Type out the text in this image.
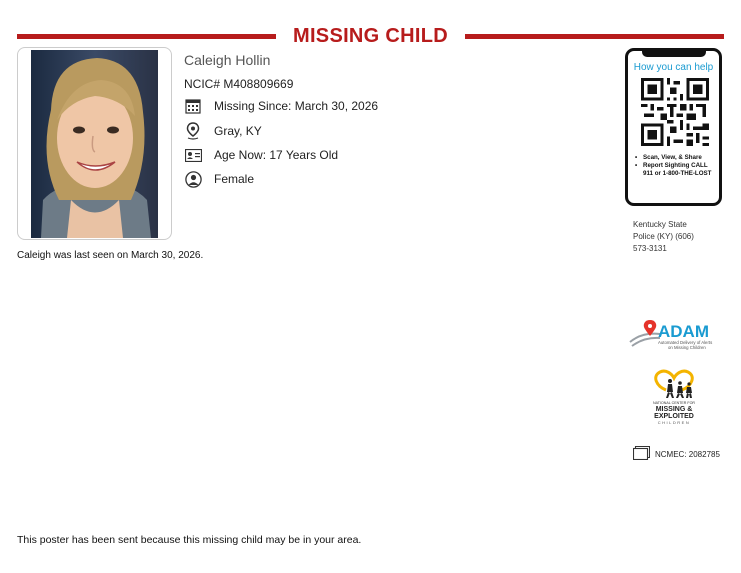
MISSING CHILD
Caleigh Hollin
NCIC# M408809669
Missing Since: March 30, 2026
Gray, KY
Age Now: 17 Years Old
Female
Caleigh was last seen on March 30, 2026.
How you can help
• Scan, View, & Share
• Report Sighting CALL 911 or 1-800-THE-LOST
Kentucky State
Police (KY) (606)
573-3131
ADAM
Automated Delivery of Alerts
on Missing Children
NATIONAL CENTER FOR
MISSING &
EXPLOITED
CHILDREN
NCMEC: 2082785
This poster has been sent because this missing child may be in your area.
